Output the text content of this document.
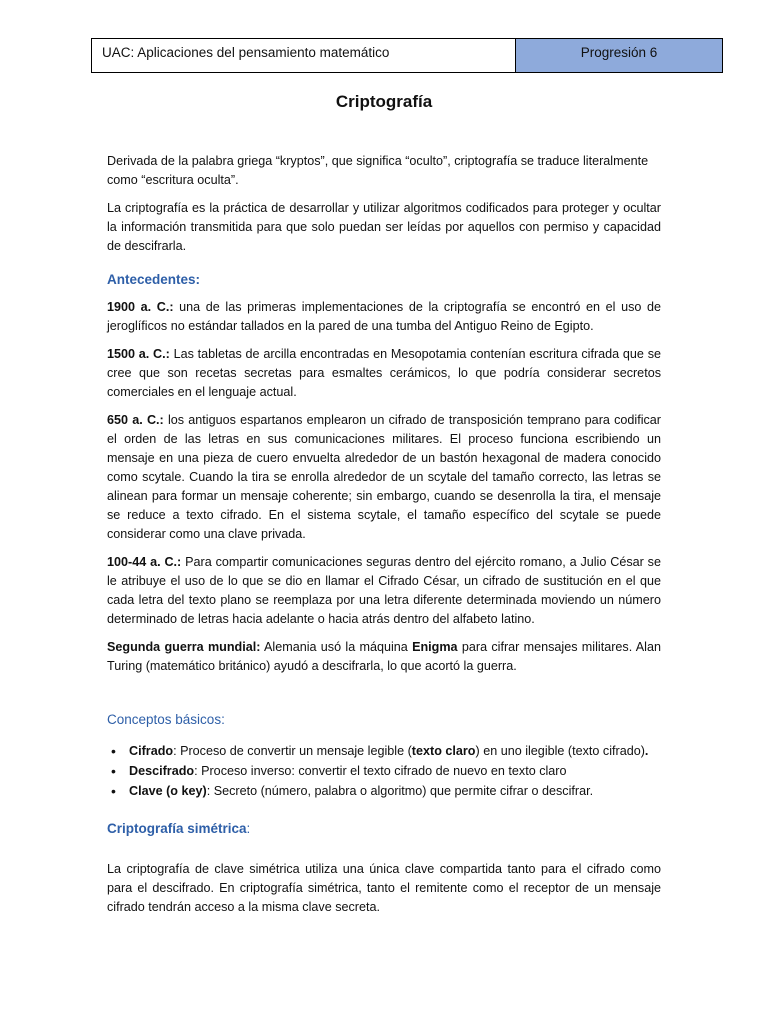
UAC: Aplicaciones del pensamiento matemático	Progresión 6
Criptografía

Derivada de la palabra griega “kryptos”, que significa “oculto”, criptografía se traduce literalmente como “escritura oculta”.

La criptografía es la práctica de desarrollar y utilizar algoritmos codificados para proteger y ocultar la información transmitida para que solo puedan ser leídas por aquellos con permiso y capacidad de descifrarla.

Antecedentes:

1900 a. C.: una de las primeras implementaciones de la criptografía se encontró en el uso de jeroglíficos no estándar tallados en la pared de una tumba del Antiguo Reino de Egipto.

1500 a. C.: Las tabletas de arcilla encontradas en Mesopotamia contenían escritura cifrada que se cree que son recetas secretas para esmaltes cerámicos, lo que podría considerar secretos comerciales en el lenguaje actual.

650 a. C.: los antiguos espartanos emplearon un cifrado de transposición temprano para codificar el orden de las letras en sus comunicaciones militares. El proceso funciona escribiendo un mensaje en una pieza de cuero envuelta alrededor de un bastón hexagonal de madera conocido como scytale. Cuando la tira se enrolla alrededor de un scytale del tamaño correcto, las letras se alinean para formar un mensaje coherente; sin embargo, cuando se desenrolla la tira, el mensaje se reduce a texto cifrado. En el sistema scytale, el tamaño específico del scytale se puede considerar como una clave privada.

100-44 a. C.: Para compartir comunicaciones seguras dentro del ejército romano, a Julio César se le atribuye el uso de lo que se dio en llamar el Cifrado César, un cifrado de sustitución en el que cada letra del texto plano se reemplaza por una letra diferente determinada moviendo un número determinado de letras hacia adelante o hacia atrás dentro del alfabeto latino.

Segunda guerra mundial: Alemania usó la máquina Enigma para cifrar mensajes militares. Alan Turing (matemático británico) ayudó a descifrarla, lo que acortó la guerra.

Conceptos básicos:
• Cifrado: Proceso de convertir un mensaje legible (texto claro) en uno ilegible (texto cifrado).
• Descifrado: Proceso inverso: convertir el texto cifrado de nuevo en texto claro
• Clave (o key): Secreto (número, palabra o algoritmo) que permite cifrar o descifrar.
Criptografía simétrica:

La criptografía de clave simétrica utiliza una única clave compartida tanto para el cifrado como para el descifrado. En criptografía simétrica, tanto el remitente como el receptor de un mensaje cifrado tendrán acceso a la misma clave secreta.
